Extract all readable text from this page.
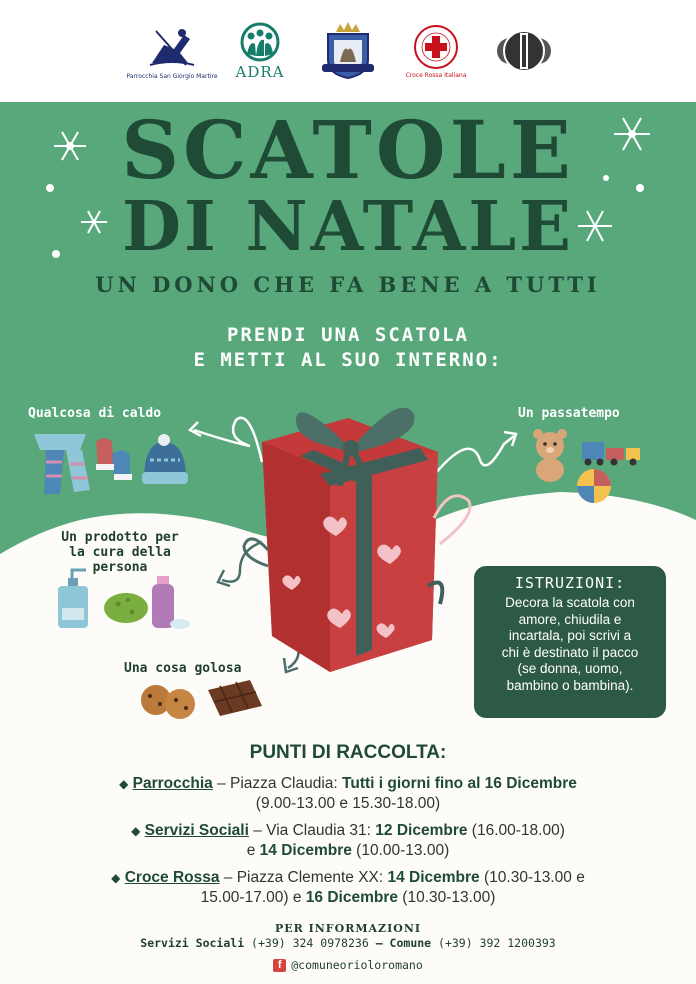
Parrocchia San Giorgio Martire ADRA	Croce Rossa Italiana
SCATOLE
DI NATALE
UN DONO CHE FA BENE A TUTTI
PRENDI UNA SCATOLA
E METTI AL SUO INTERNO:
Qualcosa di caldo	Un passatempo
Un prodotto per
la cura della
persona
Una cosa golosa
ISTRUZIONI:
Decora la scatola con
amore, chiudila e
incartala, poi scrivi a
chi è destinato il pacco
(se donna, uomo,
bambino o bambina).
PUNTI DI RACCOLTA:
◆ Parrocchia – Piazza Claudia: Tutti i giorni fino al 16 Dicembre
(9.00-13.00 e 15.30-18.00)
◆ Servizi Sociali – Via Claudia 31: 12 Dicembre (16.00-18.00)
e 14 Dicembre (10.00-13.00)
◆ Croce Rossa – Piazza Clemente XX: 14 Dicembre (10.30-13.00 e
15.00-17.00) e 16 Dicembre (10.30-13.00)
PER INFORMAZIONI
Servizi Sociali (+39) 324 0978236 – Comune (+39) 392 1200393
f @comuneorioloromano
